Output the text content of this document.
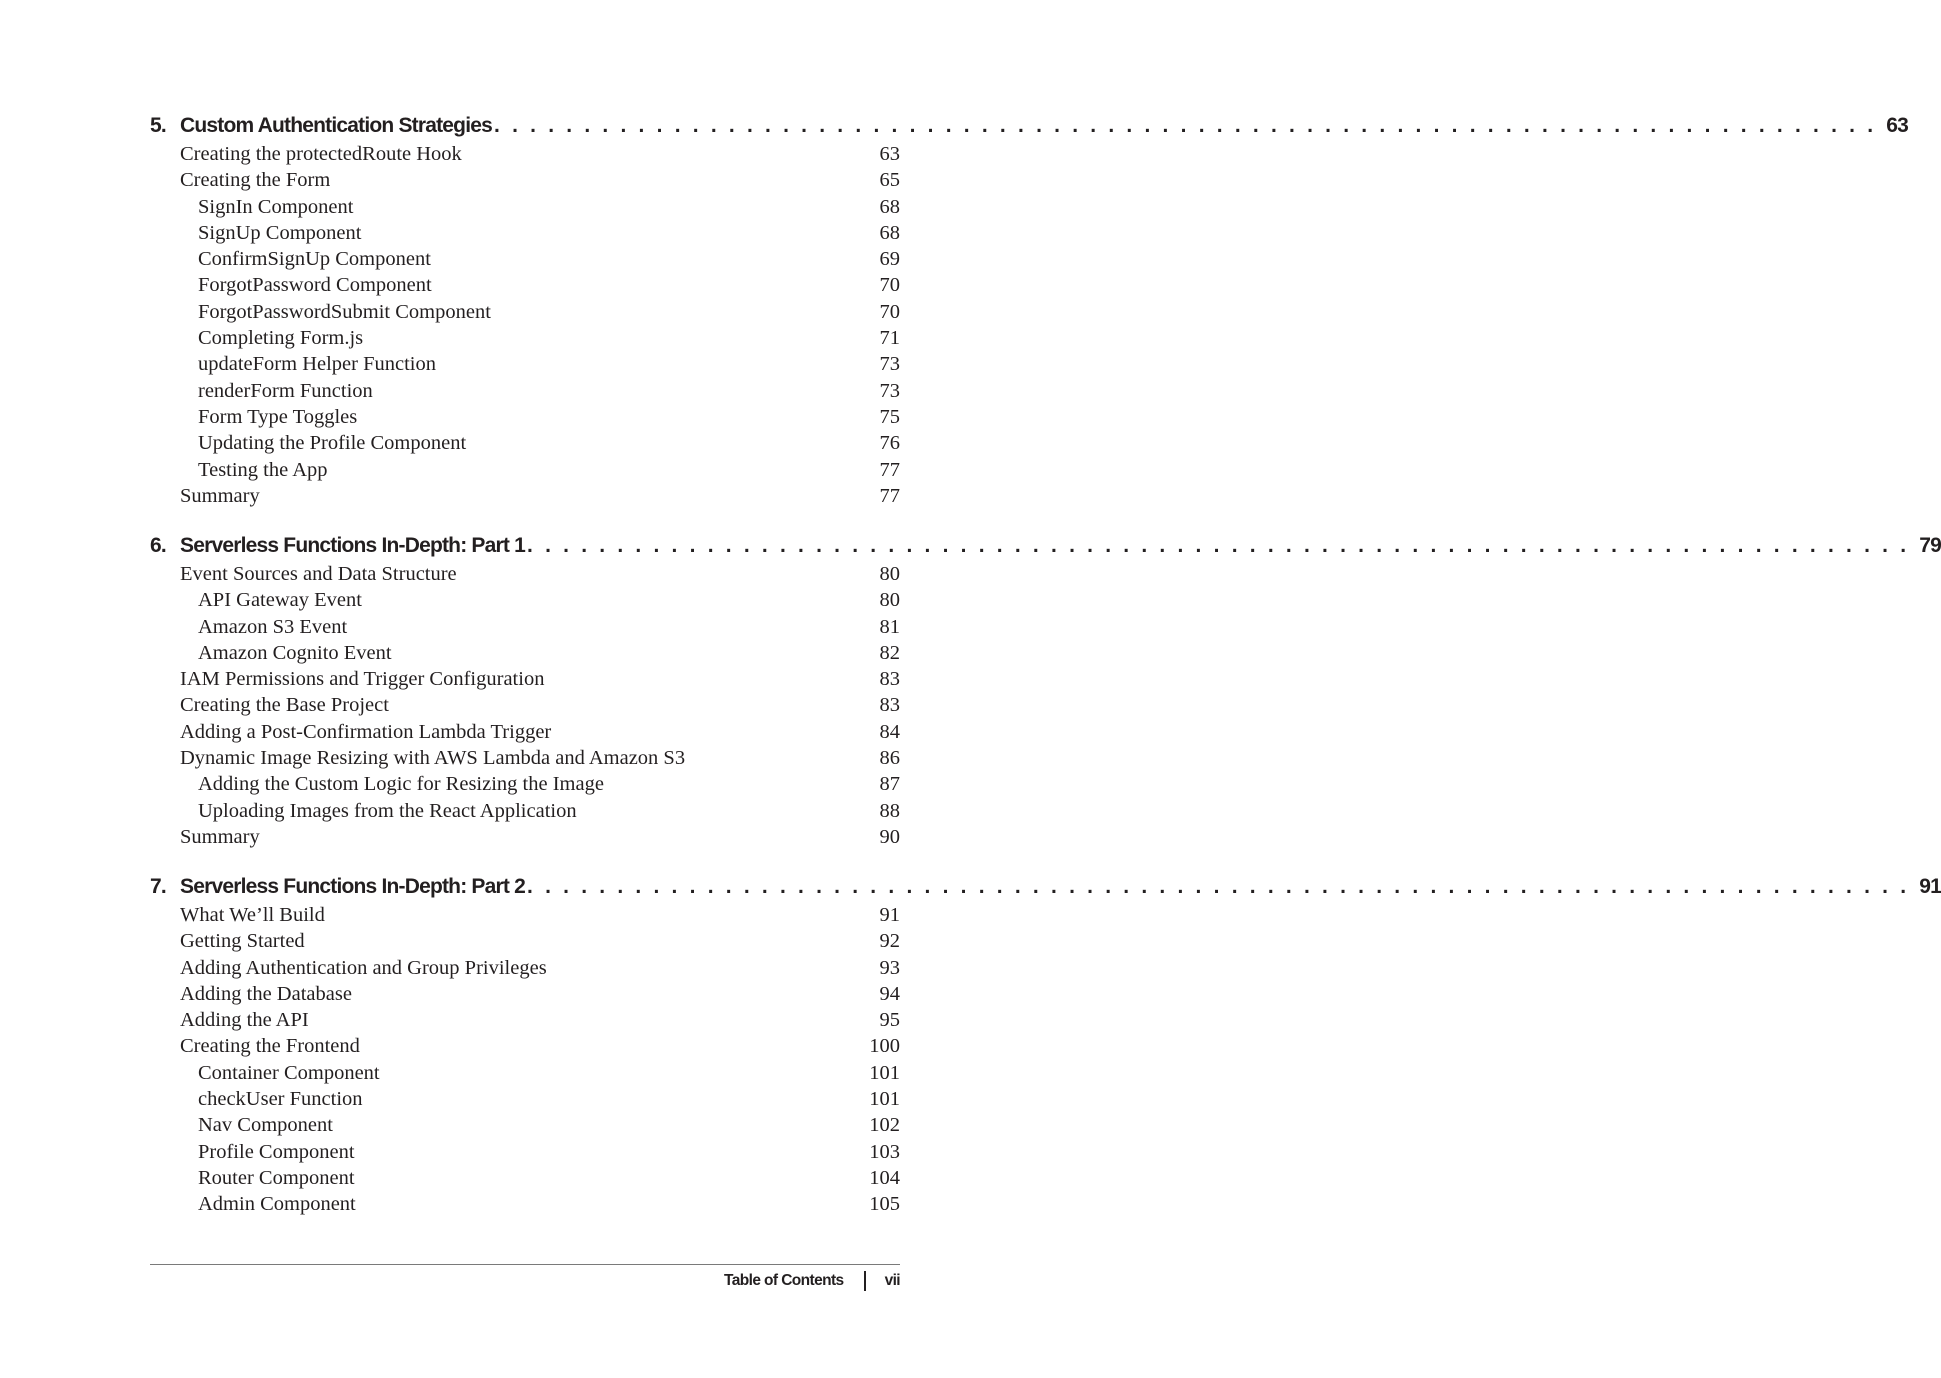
5. Custom Authentication Strategies . . . . . . . . . . . . . . . . . . . . . . . . . . . . . . . . . . . . . . . . . . . . . . . . . . . . . . . . . . . . . . . . . . . . . . . . . . . . . 63
Creating the protectedRoute Hook	63
Creating the Form	65
SignIn Component	68
SignUp Component	68
ConfirmSignUp Component	69
ForgotPassword Component	70
ForgotPasswordSubmit Component	70
Completing Form.js	71
updateForm Helper Function	73
renderForm Function	73
Form Type Toggles	75
Updating the Profile Component	76
Testing the App	77
Summary	77
6. Serverless Functions In-Depth: Part 1 . . . . . . . . . . . . . . . . . . . . . . . . . . . . . . . . . . . . . . . . . . . . . . . . . . . . . . . . . . . . . . . . . . . . . . . . . . . . . 79
Event Sources and Data Structure	80
API Gateway Event	80
Amazon S3 Event	81
Amazon Cognito Event	82
IAM Permissions and Trigger Configuration	83
Creating the Base Project	83
Adding a Post-Confirmation Lambda Trigger	84
Dynamic Image Resizing with AWS Lambda and Amazon S3	86
Adding the Custom Logic for Resizing the Image	87
Uploading Images from the React Application	88
Summary	90
7. Serverless Functions In-Depth: Part 2 . . . . . . . . . . . . . . . . . . . . . . . . . . . . . . . . . . . . . . . . . . . . . . . . . . . . . . . . . . . . . . . . . . . . . . . . . . . . . 91
What We’ll Build	91
Getting Started	92
Adding Authentication and Group Privileges	93
Adding the Database	94
Adding the API	95
Creating the Frontend	100
Container Component	101
checkUser Function	101
Nav Component	102
Profile Component	103
Router Component	104
Admin Component	105
Table of Contents	vii
